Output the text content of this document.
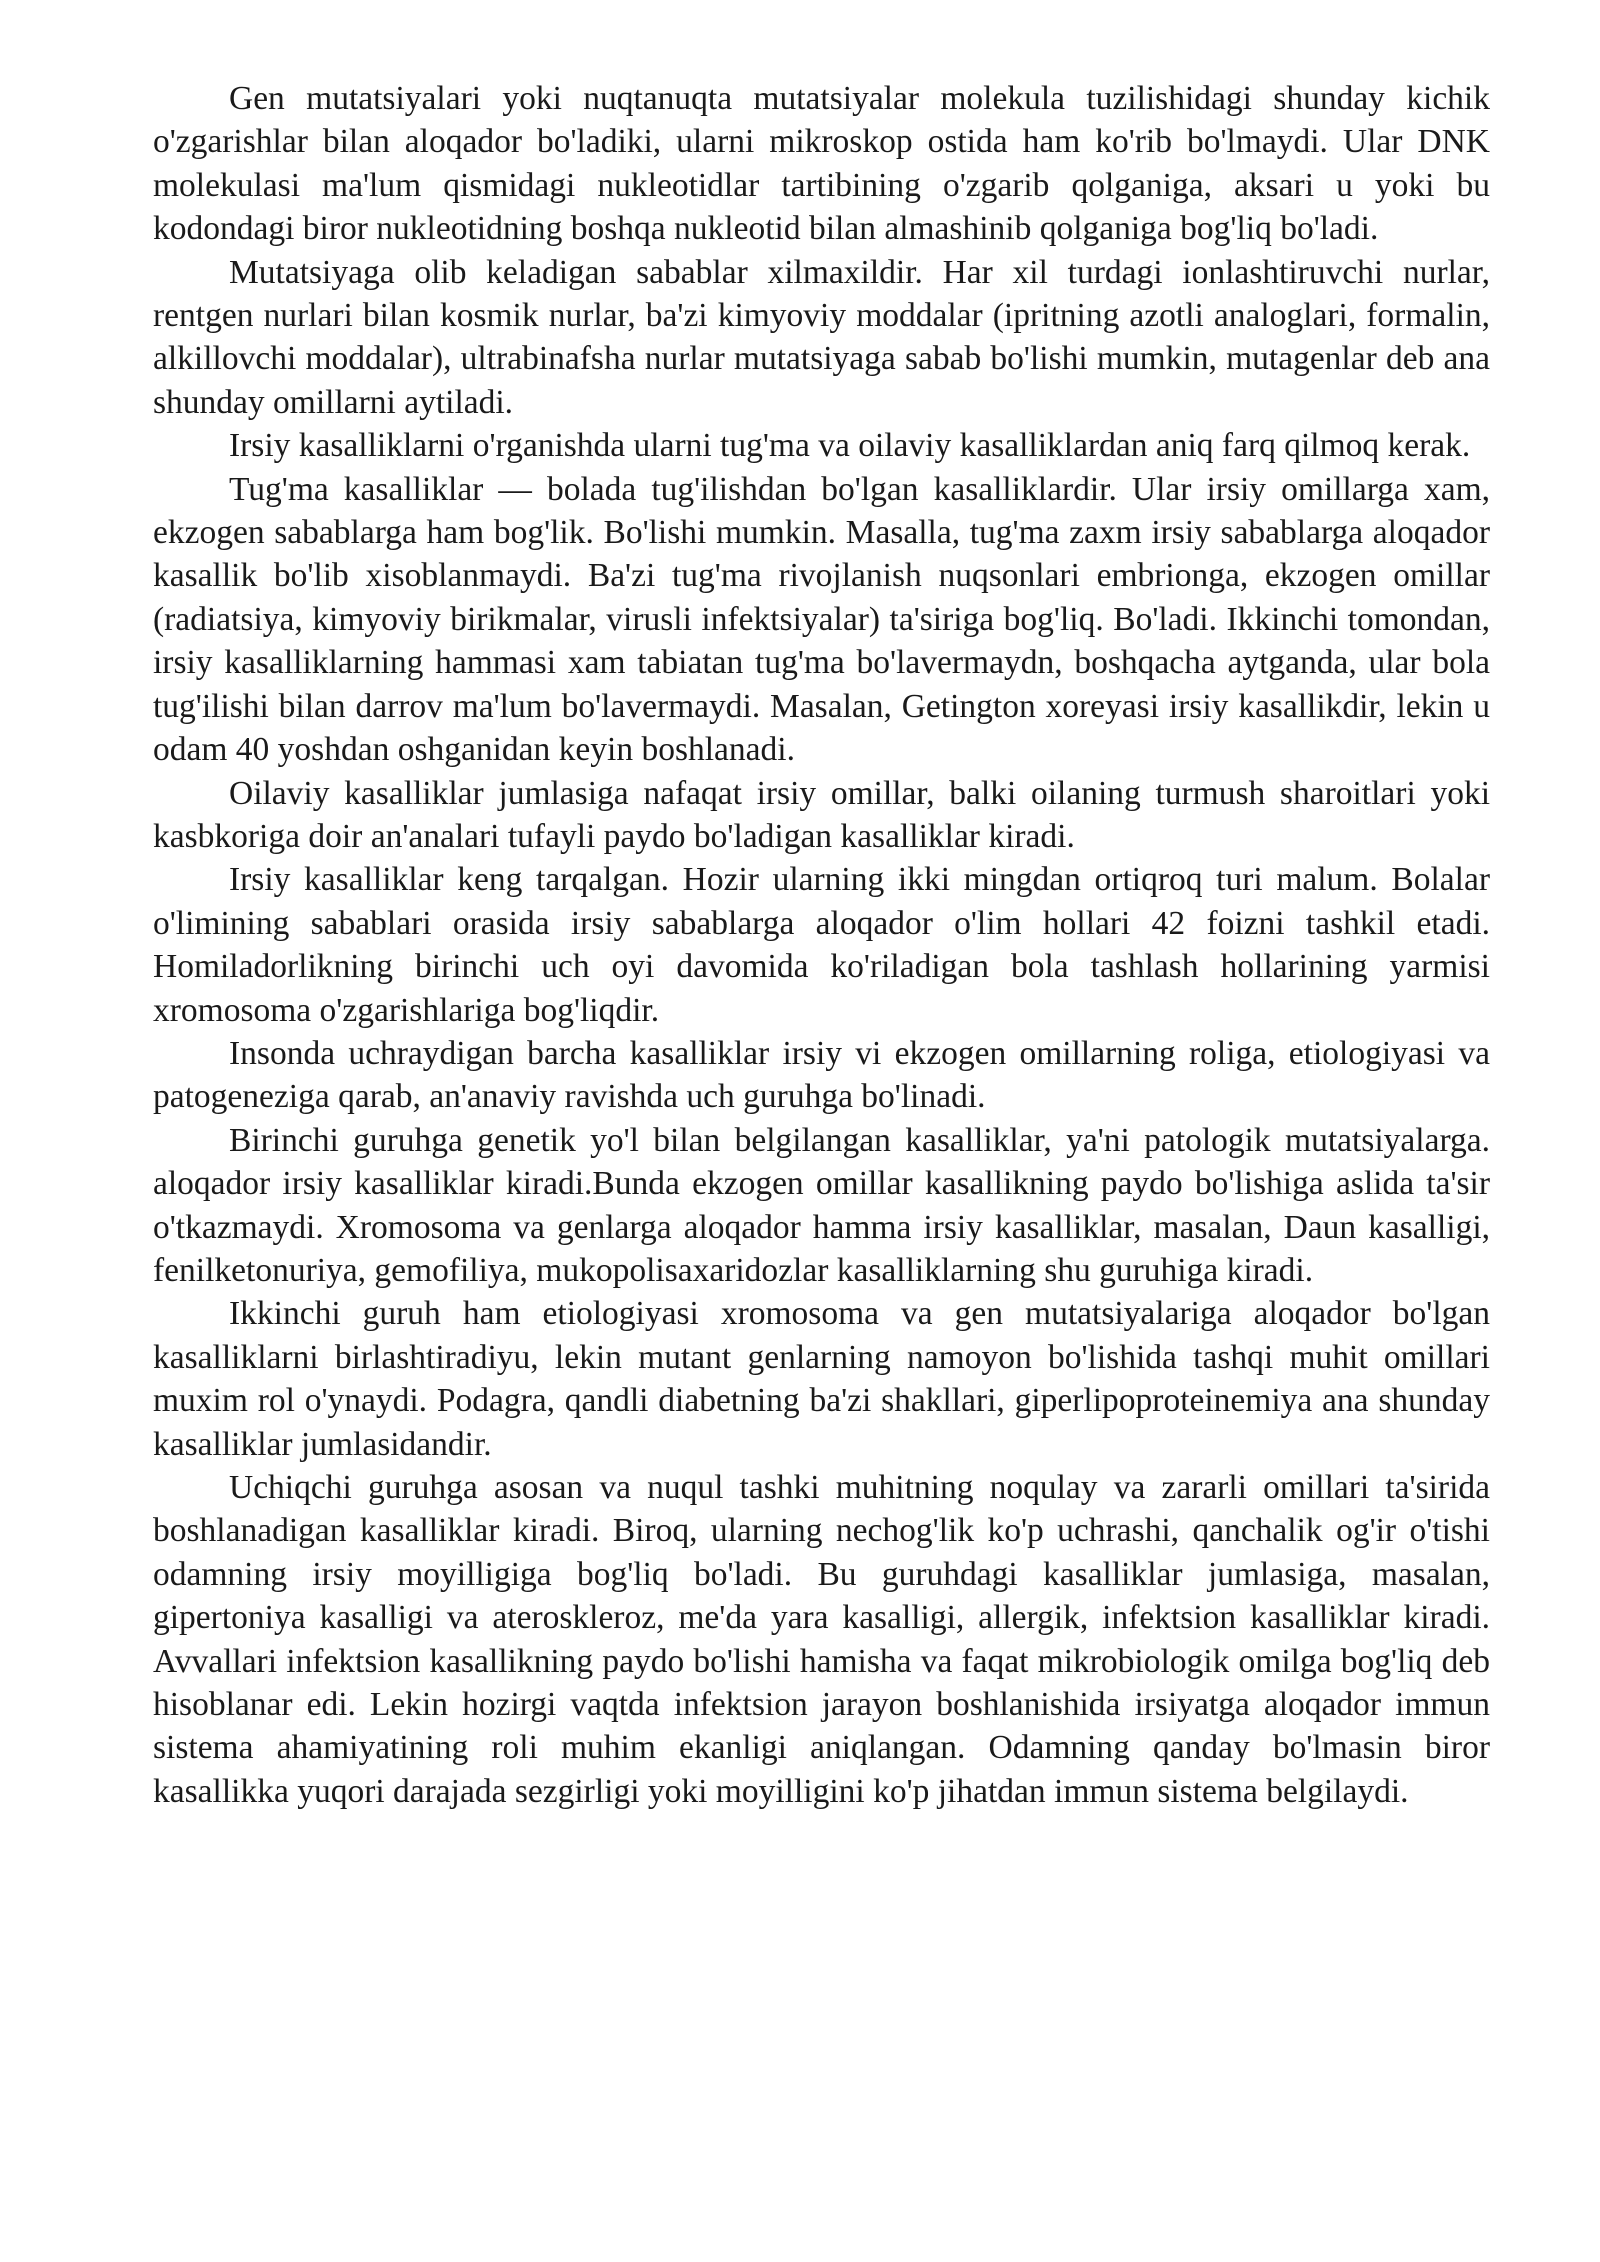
Gen mutatsiyalari yoki nuqtanuqta mutatsiyalar molekula tuzilishidagi shunday kichik o'zgarishlar bilan aloqador bo'ladiki, ularni mikroskop ostida ham ko'rib bo'lmaydi. Ular DNK molekulasi ma'lum qismidagi nukleotidlar tartibining o'zgarib qolganiga, aksari u yoki bu kodondagi biror nukleotidning boshqa nukleotid bilan almashinib qolganiga bog'liq bo'ladi.

Mutatsiyaga olib keladigan sabablar xilmaxildir. Har xil turdagi ionlashtiruvchi nurlar, rentgen nurlari bilan kosmik nurlar, ba'zi kimyoviy moddalar (ipritning azotli analoglari, formalin, alkillovchi moddalar), ultrabinafsha nurlar mutatsiyaga sabab bo'lishi mumkin, mutagenlar deb ana shunday omillarni aytiladi.

Irsiy kasalliklarni o'rganishda ularni tug'ma va oilaviy kasalliklardan aniq farq qilmoq kerak.

Tug'ma kasalliklar — bolada tug'ilishdan bo'lgan kasalliklardir. Ular irsiy omillarga xam, ekzogen sabablarga ham bog'lik. Bo'lishi mumkin. Masalla, tug'ma zaxm irsiy sabablarga aloqador kasallik bo'lib xisoblanmaydi. Ba'zi tug'ma rivojlanish nuqsonlari embrionga, ekzogen omillar (radiatsiya, kimyoviy birikmalar, virusli infektsiyalar) ta'siriga bog'liq. Bo'ladi. Ikkinchi tomondan, irsiy kasalliklarning hammasi xam tabiatan tug'ma bo'lavermaydn, boshqacha aytganda, ular bola tug'ilishi bilan darrov ma'lum bo'lavermaydi. Masalan, Getington xoreyasi irsiy kasallikdir, lekin u odam 40 yoshdan oshganidan keyin boshlanadi.

Oilaviy kasalliklar jumlasiga nafaqat irsiy omillar, balki oilaning turmush sharoitlari yoki kasbkoriga doir an'analari tufayli paydo bo'ladigan kasalliklar kiradi.

Irsiy kasalliklar keng tarqalgan. Hozir ularning ikki mingdan ortiqroq turi malum. Bolalar o'limining sabablari orasida irsiy sabablarga aloqador o'lim hollari 42 foizni tashkil etadi. Homiladorlikning birinchi uch oyi davomida ko'riladigan bola tashlash hollarining yarmisi xromosoma o'zgarishlariga bog'liqdir.

Insonda uchraydigan barcha kasalliklar irsiy vi ekzogen omillarning roliga, etiologiyasi va patogeneziga qarab, an'anaviy ravishda uch guruhga bo'linadi.

Birinchi guruhga genetik yo'l bilan belgilangan kasalliklar, ya'ni patologik mutatsiyalarga. aloqador irsiy kasalliklar kiradi.Bunda ekzogen omillar kasallikning paydo bo'lishiga aslida ta'sir o'tkazmaydi. Xromosoma va genlarga aloqador hamma irsiy kasalliklar, masalan, Daun kasalligi, fenilketonuriya, gemofiliya, mukopolisaxaridozlar kasalliklarning shu guruhiga kiradi.

Ikkinchi guruh ham etiologiyasi xromosoma va gen mutatsiyalariga aloqador bo'lgan kasalliklarni birlashtiradiyu, lekin mutant genlarning namoyon bo'lishida tashqi muhit omillari muxim rol o'ynaydi. Podagra, qandli diabetning ba'zi shakllari, giperlipoproteinemiya ana shunday kasalliklar jumlasidandir.

Uchiqchi guruhga asosan va nuqul tashki muhitning noqulay va zararli omillari ta'sirida boshlanadigan kasalliklar kiradi. Biroq, ularning nechog'lik ko'p uchrashi, qanchalik og'ir o'tishi odamning irsiy moyilligiga bog'liq bo'ladi. Bu guruhdagi kasalliklar jumlasiga, masalan, gipertoniya kasalligi va ateroskleroz, me'da yara kasalligi, allergik, infektsion kasalliklar kiradi. Avvallari infektsion kasallikning paydo bo'lishi hamisha va faqat mikrobiologik omilga bog'liq deb hisoblanar edi. Lekin hozirgi vaqtda infektsion jarayon boshlanishida irsiyatga aloqador immun sistema ahamiyatining roli muhim ekanligi aniqlangan. Odamning qanday bo'lmasin biror kasallikka yuqori darajada sezgirligi yoki moyilligini ko'p jihatdan immun sistema belgilaydi.
